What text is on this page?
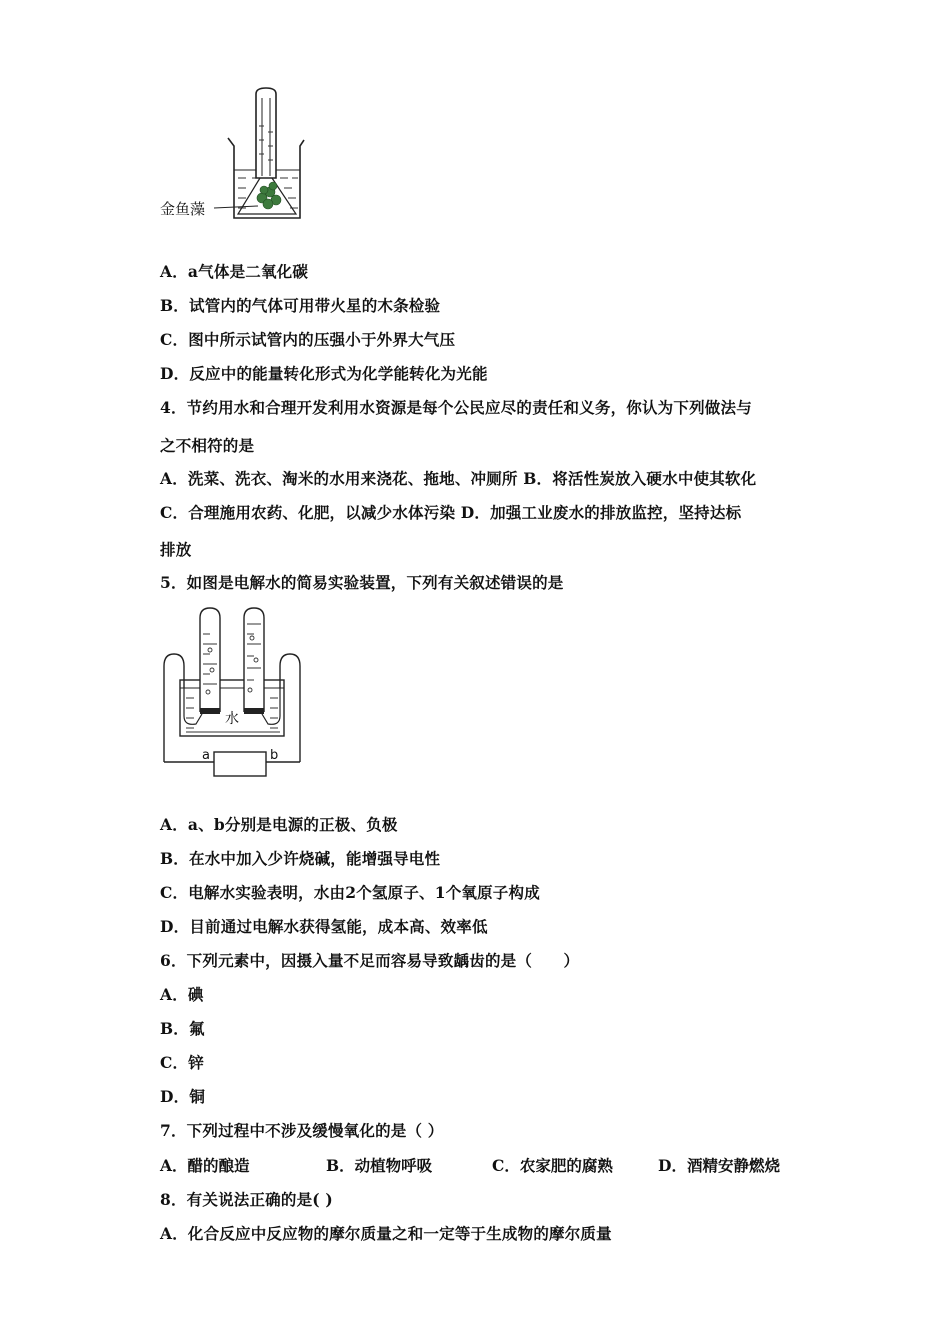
金鱼藻
A．a气体是二氧化碳
B．试管内的气体可用带火星的木条检验
C．图中所示试管内的压强小于外界大气压
D．反应中的能量转化形式为化学能转化为光能
4．节约用水和合理开发利用水资源是每个公民应尽的责任和义务，你认为下列做法与
之不相符的是
A．洗菜、洗衣、淘米的水用来浇花、拖地、冲厕所 B．将活性炭放入硬水中使其软化
C．合理施用农药、化肥，以减少水体污染 D．加强工业废水的排放监控，坚持达标
排放
5．如图是电解水的简易实验装置，下列有关叙述错误的是
水
a	b
A．a、b分别是电源的正极、负极
B．在水中加入少许烧碱，能增强导电性
C．电解水实验表明，水由2个氢原子、1个氧原子构成
D．目前通过电解水获得氢能，成本高、效率低
6．下列元素中，因摄入量不足而容易导致龋齿的是（　　）
A．碘
B．氟
C．锌
D．铜
7．下列过程中不涉及缓慢氧化的是（ ）
A．醋的酿造	B．动植物呼吸	C．农家肥的腐熟	D．酒精安静燃烧
8．有关说法正确的是( )
A．化合反应中反应物的摩尔质量之和一定等于生成物的摩尔质量
